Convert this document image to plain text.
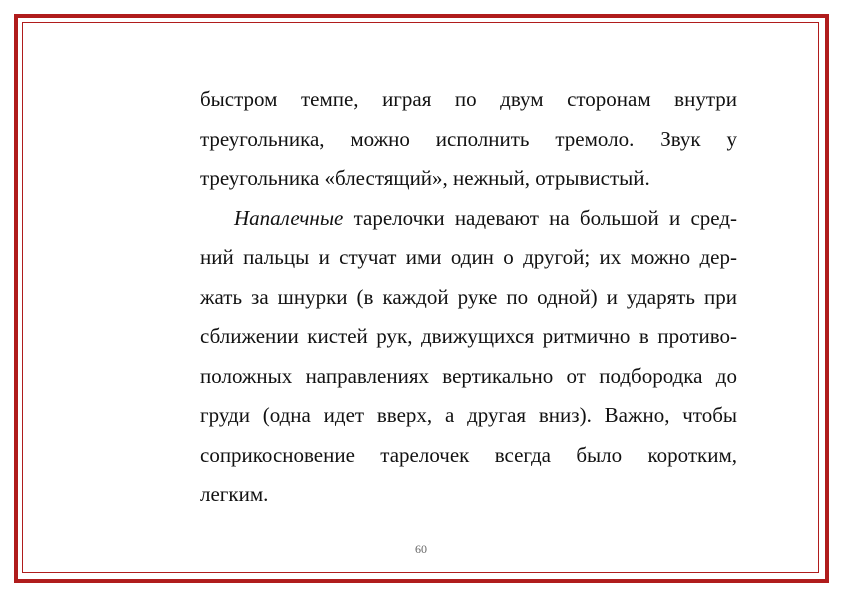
быстром темпе, играя по двум сторонам внутри
треугольника, можно исполнить тремоло. Звук у
треугольника «блестящий», нежный, отрывистый.
Напалечные тарелочки надевают на большой и сред-
ний пальцы и стучат ими один о другой; их можно дер-
жать за шнурки (в каждой руке по одной) и ударять при
сближении кистей рук, движущихся ритмично в противо-
положных направлениях вертикально от подбородка до
груди (одна идет вверх, а другая вниз). Важно, чтобы
соприкосновение тарелочек всегда было коротким,
легким.
60
